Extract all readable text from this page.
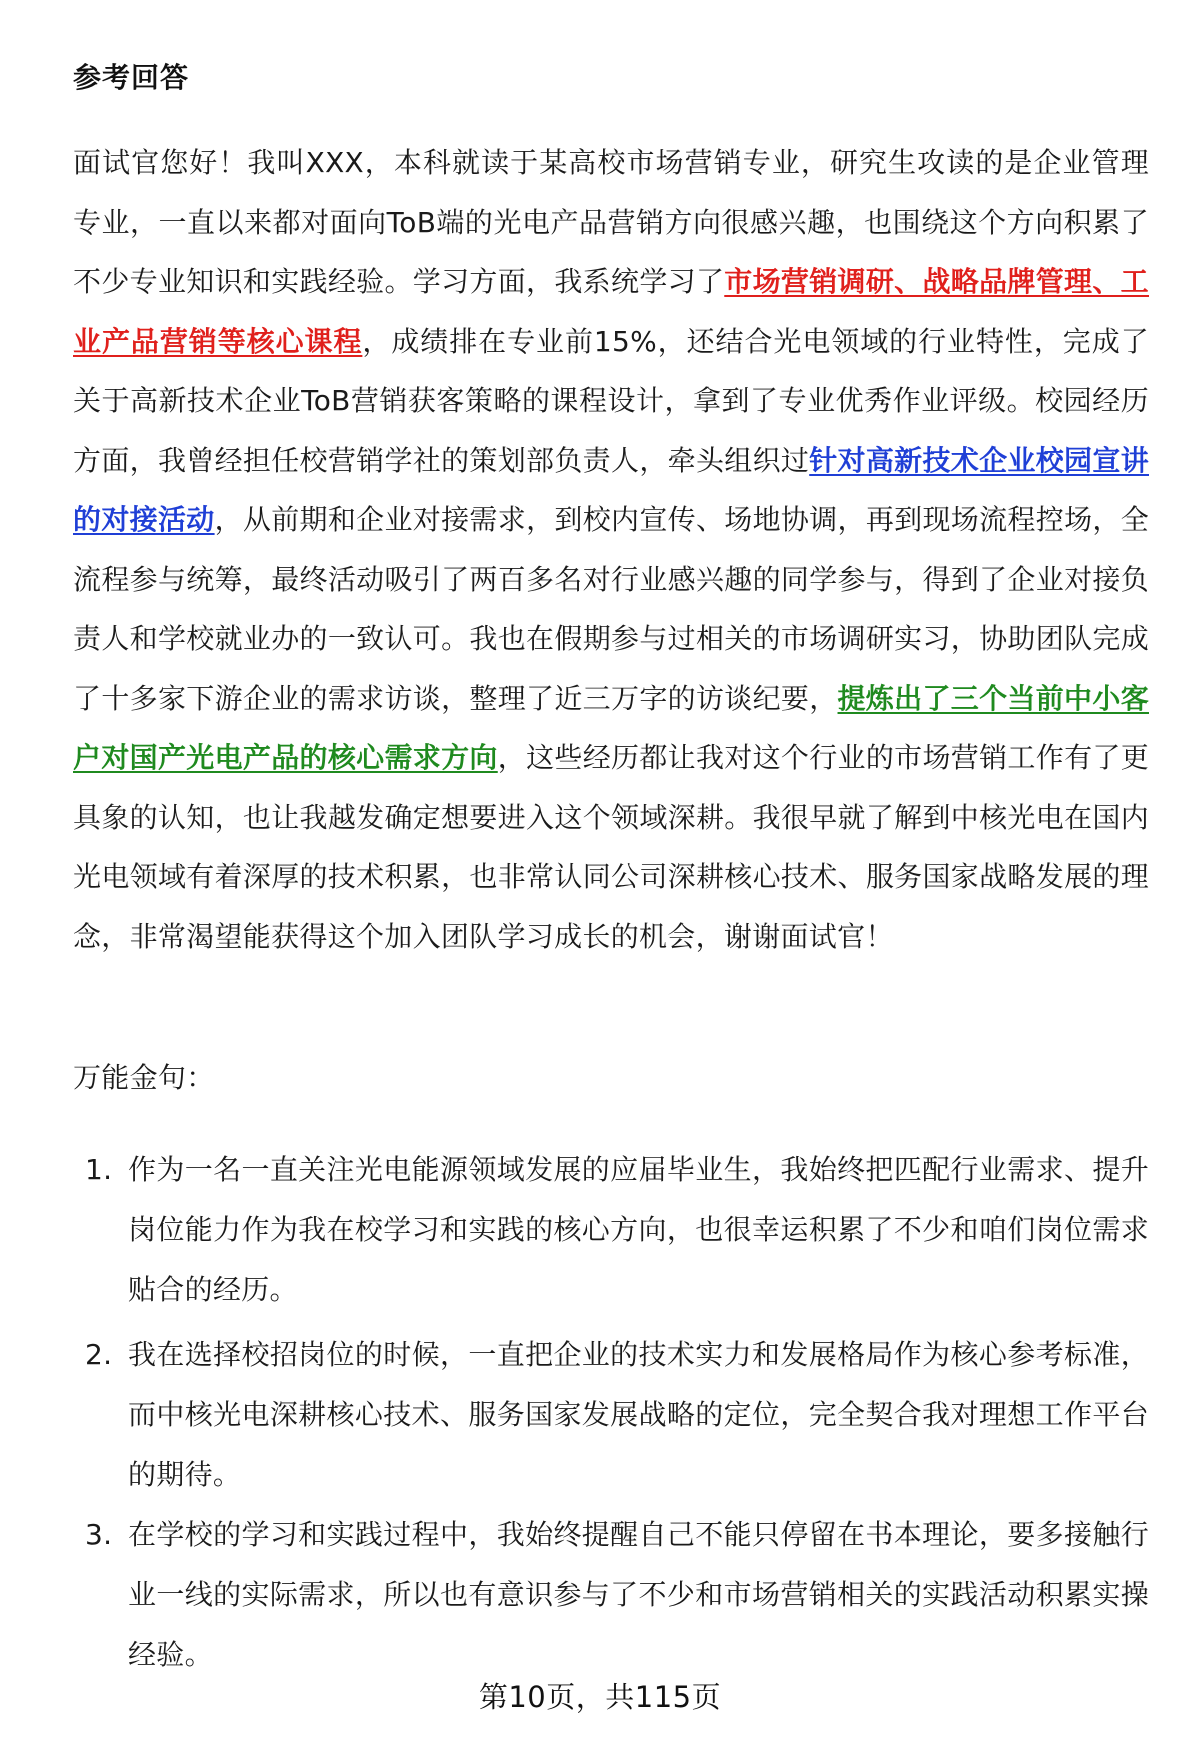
参考回答

面试官您好！我叫XXX，本科就读于某高校市场营销专业，研究生攻读的是企业管理专业，一直以来都对面向ToB端的光电产品营销方向很感兴趣，也围绕这个方向积累了不少专业知识和实践经验。学习方面，我系统学习了市场营销调研、战略品牌管理、工业产品营销等核心课程，成绩排在专业前15%，还结合光电领域的行业特性，完成了关于高新技术企业ToB营销获客策略的课程设计，拿到了专业优秀作业评级。校园经历方面，我曾经担任校营销学社的策划部负责人，牵头组织过针对高新技术企业校园宣讲的对接活动，从前期和企业对接需求，到校内宣传、场地协调，再到现场流程控场，全流程参与统筹，最终活动吸引了两百多名对行业感兴趣的同学参与，得到了企业对接负责人和学校就业办的一致认可。我也在假期参与过相关的市场调研实习，协助团队完成了十多家下游企业的需求访谈，整理了近三万字的访谈纪要，提炼出了三个当前中小客户对国产光电产品的核心需求方向，这些经历都让我对这个行业的市场营销工作有了更具象的认知，也让我越发确定想要进入这个领域深耕。我很早就了解到中核光电在国内光电领域有着深厚的技术积累，也非常认同公司深耕核心技术、服务国家战略发展的理念，非常渴望能获得这个加入团队学习成长的机会，谢谢面试官！

万能金句：
1. 作为一名一直关注光电能源领域发展的应届毕业生，我始终把匹配行业需求、提升岗位能力作为我在校学习和实践的核心方向，也很幸运积累了不少和咱们岗位需求贴合的经历。
2. 我在选择校招岗位的时候，一直把企业的技术实力和发展格局作为核心参考标准，而中核光电深耕核心技术、服务国家发展战略的定位，完全契合我对理想工作平台的期待。
3. 在学校的学习和实践过程中，我始终提醒自己不能只停留在书本理论，要多接触行业一线的实际需求，所以也有意识参与了不少和市场营销相关的实践活动积累实操经验。
第10页，共115页
